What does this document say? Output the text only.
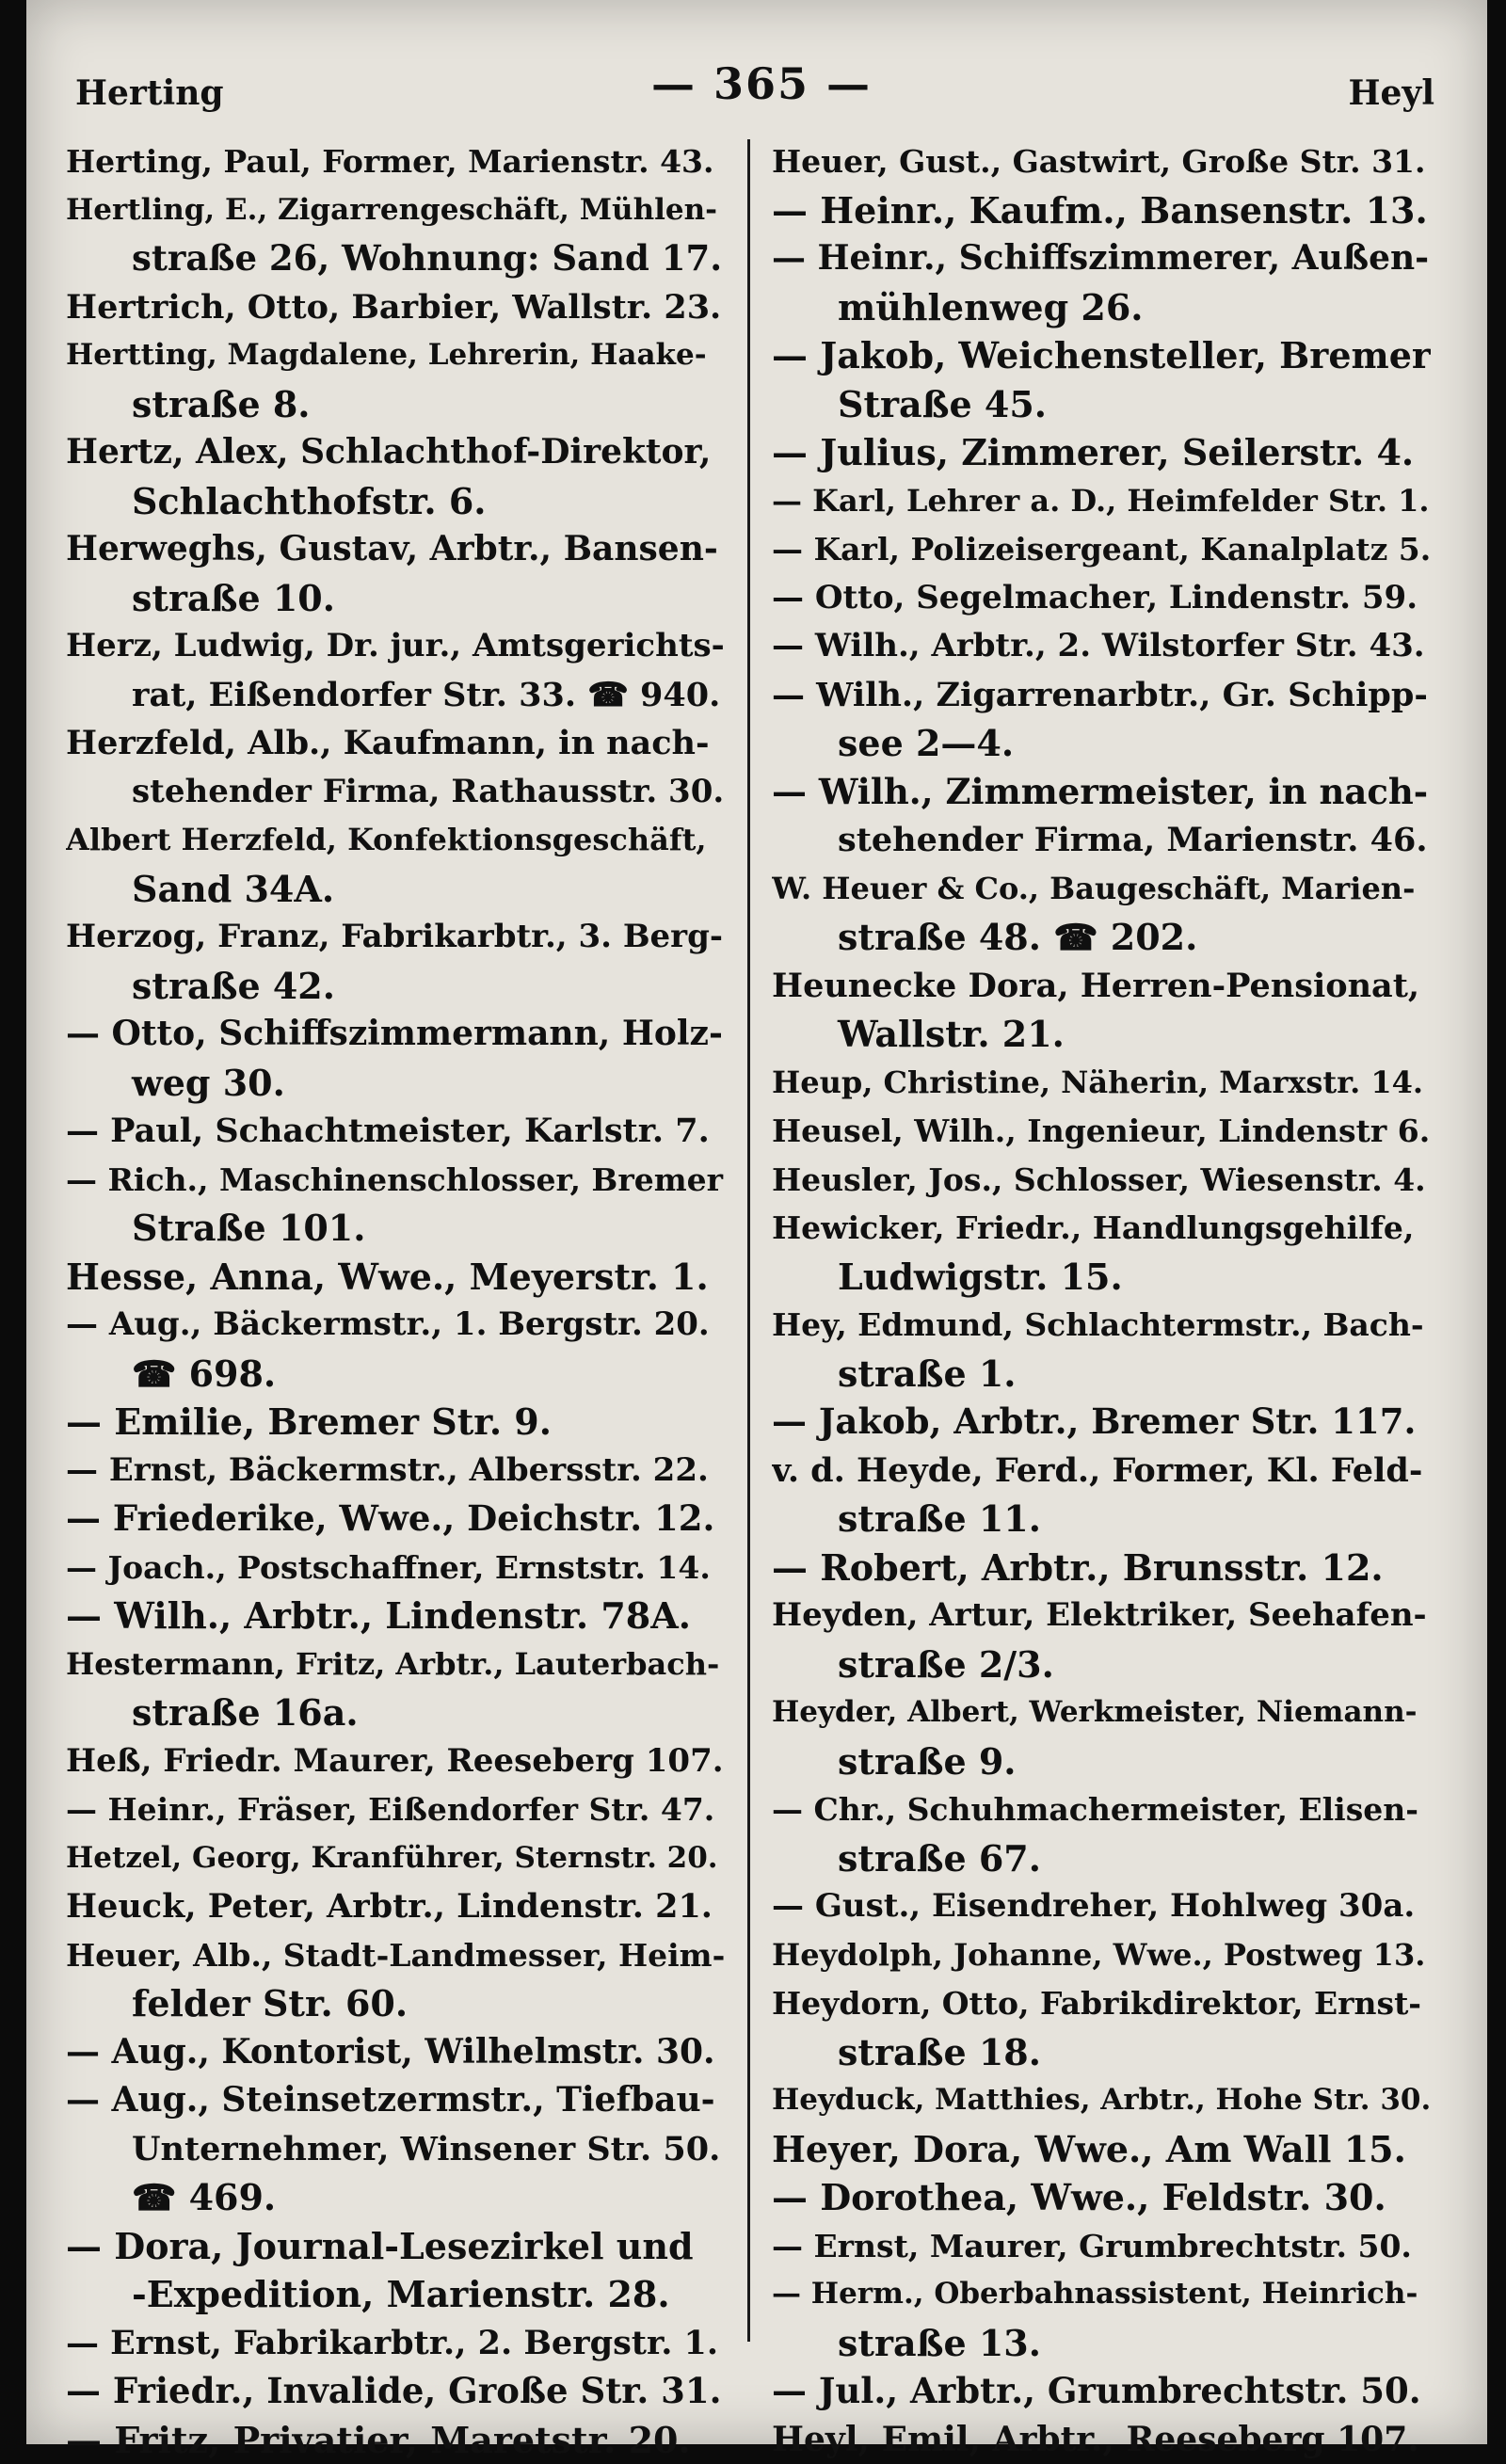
Herting	— 365 —	Heyl
Herting, Paul, Former, Marienstr. 43.
Hertling, E., Zigarrengeschäft, Mühlen-
straße 26, Wohnung: Sand 17.
Hertrich, Otto, Barbier, Wallstr. 23.
Hertting, Magdalene, Lehrerin, Haake-
straße 8.
Hertz, Alex, Schlachthof-Direktor,
Schlachthofstr. 6.
Herweghs, Gustav, Arbtr., Bansen-
straße 10.
Herz, Ludwig, Dr. jur., Amtsgerichts-
rat, Eißendorfer Str. 33. ☎ 940.
Herzfeld, Alb., Kaufmann, in nach-
stehender Firma, Rathausstr. 30.
Albert Herzfeld, Konfektionsgeschäft,
Sand 34A.
Herzog, Franz, Fabrikarbtr., 3. Berg-
straße 42.
— Otto, Schiffszimmermann, Holz-
weg 30.
— Paul, Schachtmeister, Karlstr. 7.
— Rich., Maschinenschlosser, Bremer
Straße 101.
Hesse, Anna, Wwe., Meyerstr. 1.
— Aug., Bäckermstr., 1. Bergstr. 20.
☎ 698.
— Emilie, Bremer Str. 9.
— Ernst, Bäckermstr., Albersstr. 22.
— Friederike, Wwe., Deichstr. 12.
— Joach., Postschaffner, Ernststr. 14.
— Wilh., Arbtr., Lindenstr. 78A.
Hestermann, Fritz, Arbtr., Lauterbach-
straße 16a.
Heß, Friedr. Maurer, Reeseberg 107.
— Heinr., Fräser, Eißendorfer Str. 47.
Hetzel, Georg, Kranführer, Sternstr. 20.
Heuck, Peter, Arbtr., Lindenstr. 21.
Heuer, Alb., Stadt-Landmesser, Heim-
felder Str. 60.
— Aug., Kontorist, Wilhelmstr. 30.
— Aug., Steinsetzermstr., Tiefbau-
Unternehmer, Winsener Str. 50.
☎ 469.
— Dora, Journal-Lesezirkel und
-Expedition, Marienstr. 28.
— Ernst, Fabrikarbtr., 2. Bergstr. 1.
— Friedr., Invalide, Große Str. 31.
— Fritz, Privatier, Maretstr. 20.
Heuer, Gust., Gastwirt, Große Str. 31.
— Heinr., Kaufm., Bansenstr. 13.
— Heinr., Schiffszimmerer, Außen-
mühlenweg 26.
— Jakob, Weichensteller, Bremer
Straße 45.
— Julius, Zimmerer, Seilerstr. 4.
— Karl, Lehrer a. D., Heimfelder Str. 1.
— Karl, Polizeisergeant, Kanalplatz 5.
— Otto, Segelmacher, Lindenstr. 59.
— Wilh., Arbtr., 2. Wilstorfer Str. 43.
— Wilh., Zigarrenarbtr., Gr. Schipp-
see 2—4.
— Wilh., Zimmermeister, in nach-
stehender Firma, Marienstr. 46.
W. Heuer & Co., Baugeschäft, Marien-
straße 48. ☎ 202.
Heunecke Dora, Herren-Pensionat,
Wallstr. 21.
Heup, Christine, Näherin, Marxstr. 14.
Heusel, Wilh., Ingenieur, Lindenstr 6.
Heusler, Jos., Schlosser, Wiesenstr. 4.
Hewicker, Friedr., Handlungsgehilfe,
Ludwigstr. 15.
Hey, Edmund, Schlachtermstr., Bach-
straße 1.
— Jakob, Arbtr., Bremer Str. 117.
v. d. Heyde, Ferd., Former, Kl. Feld-
straße 11.
— Robert, Arbtr., Brunsstr. 12.
Heyden, Artur, Elektriker, Seehafen-
straße 2/3.
Heyder, Albert, Werkmeister, Niemann-
straße 9.
— Chr., Schuhmachermeister, Elisen-
straße 67.
— Gust., Eisendreher, Hohlweg 30a.
Heydolph, Johanne, Wwe., Postweg 13.
Heydorn, Otto, Fabrikdirektor, Ernst-
straße 18.
Heyduck, Matthies, Arbtr., Hohe Str. 30.
Heyer, Dora, Wwe., Am Wall 15.
— Dorothea, Wwe., Feldstr. 30.
— Ernst, Maurer, Grumbrechtstr. 50.
— Herm., Oberbahnassistent, Heinrich-
straße 13.
— Jul., Arbtr., Grumbrechtstr. 50.
Heyl, Emil, Arbtr., Reeseberg 107.
